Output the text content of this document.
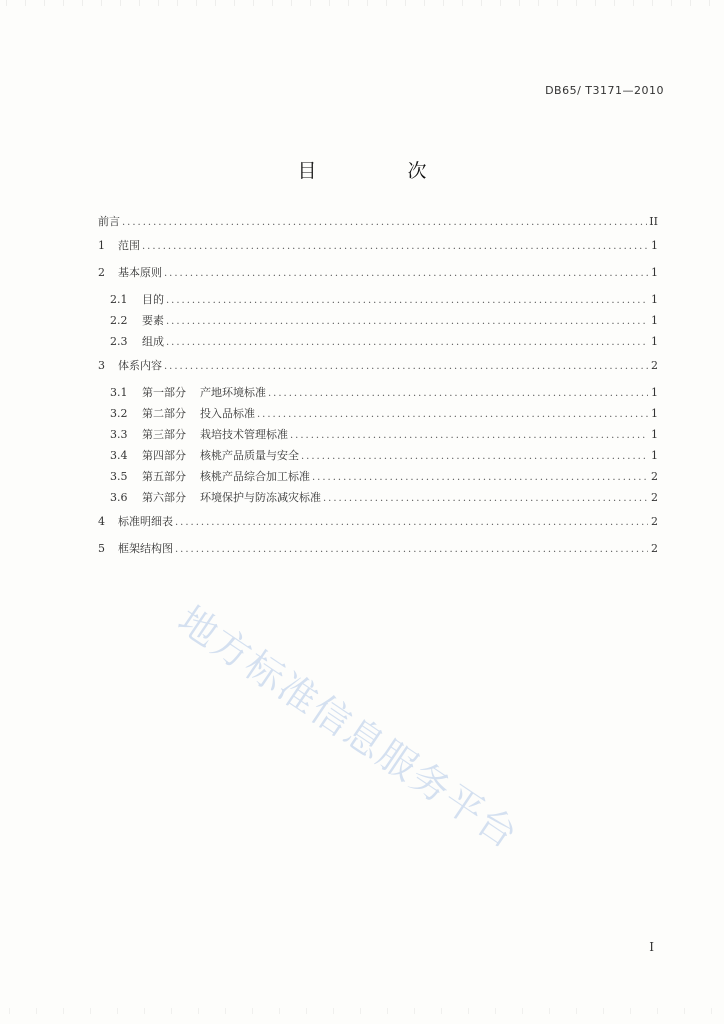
DB65/ T3171—2010
目　次
前言 .....	II
1	范围 .....	1
2	基本原则 .....	1
2.1	目的 .....	1
2.2	要素 .....	1
2.3	组成 .....	1
3	体系内容 .....	2
3.1	第一部分 产地环境标准 .....	1
3.2	第二部分 投入品标准 .....	1
3.3	第三部分 栽培技术管理标准 .....	1
3.4	第四部分 核桃产品质量与安全 .....	1
3.5	第五部分 核桃产品综合加工标准 .....	2
3.6	第六部分 环境保护与防冻减灾标准 .....	2
4	标准明细表 .....	2
5	框架结构图 .....	2
地方标准信息服务平台
I
